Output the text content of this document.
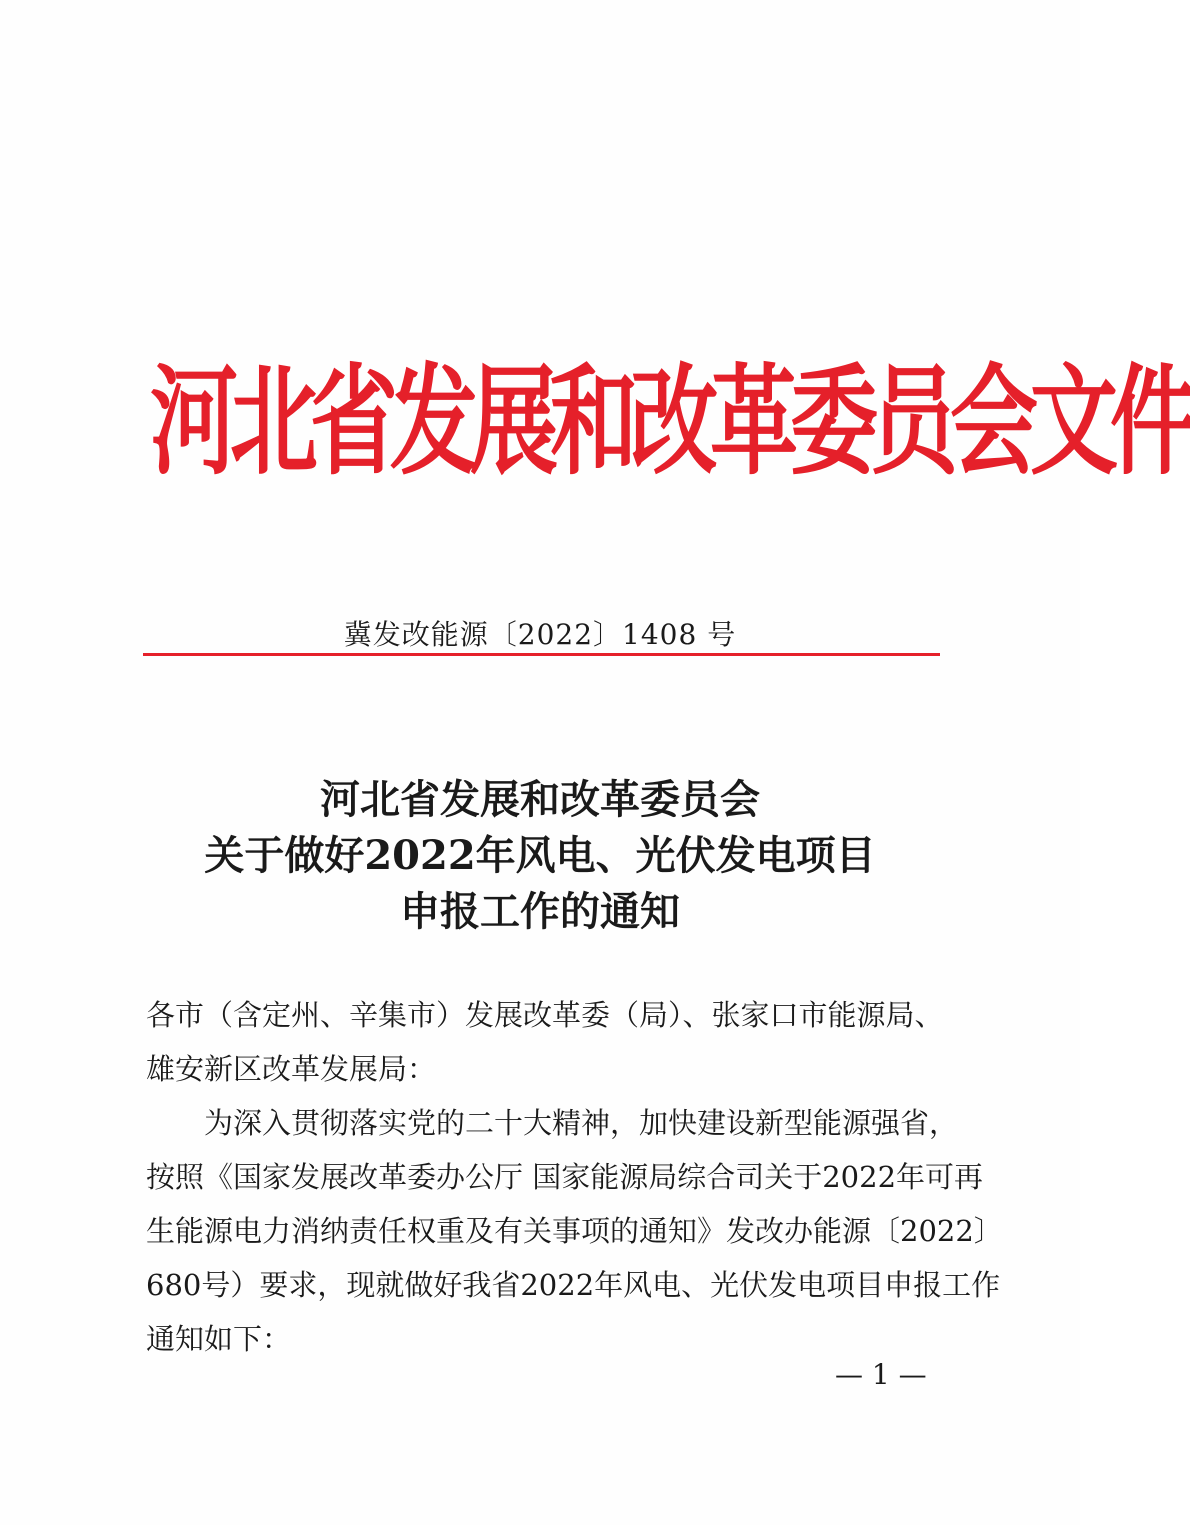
河北省发展和改革委员会文件
冀发改能源〔2022〕1408 号
河北省发展和改革委员会
关于做好2022年风电、光伏发电项目
申报工作的通知
各市（含定州、辛集市）发展改革委（局）、张家口市能源局、
雄安新区改革发展局：
为深入贯彻落实党的二十大精神，加快建设新型能源强省，
按照《国家发展改革委办公厅 国家能源局综合司关于2022年可再
生能源电力消纳责任权重及有关事项的通知》发改办能源〔2022〕
680号）要求，现就做好我省2022年风电、光伏发电项目申报工作
通知如下：
— 1 —
